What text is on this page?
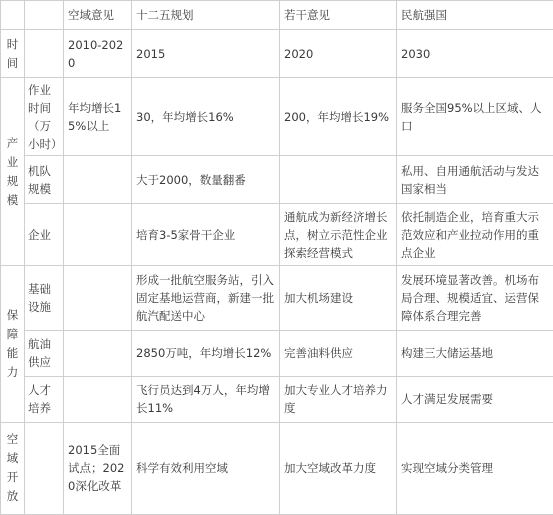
		空域意见	十二五规划	若干意见	民航强国

时
间		2010-2020	2015	2020	2030

产
业
规
模	作业时间（万小时）	年均增长15%以上	30，年均增长16%	200，年均增长19%	服务全国95%以上区域、人口
	机队规模		大于2000，数量翻番		私用、自用通航活动与发达国家相当
	企业		培育3-5家骨干企业	通航成为新经济增长点，树立示范性企业探索经营模式	依托制造企业，培育重大示范效应和产业拉动作用的重点企业

保
障
能
力	基础设施		形成一批航空服务站，引入固定基地运营商，新建一批航汽配送中心	加大机场建设	发展环境显著改善。机场布局合理、规模适宜、运营保障体系合理完善
	航油供应		2850万吨，年均增长12%	完善油料供应	构建三大储运基地
	人才培养		飞行员达到4万人，年均增长11%	加大专业人才培养力度	人才满足发展需要

空
域
开
放		2015全面试点；2020深化改革	科学有效利用空域	加大空域改革力度	实现空域分类管理
